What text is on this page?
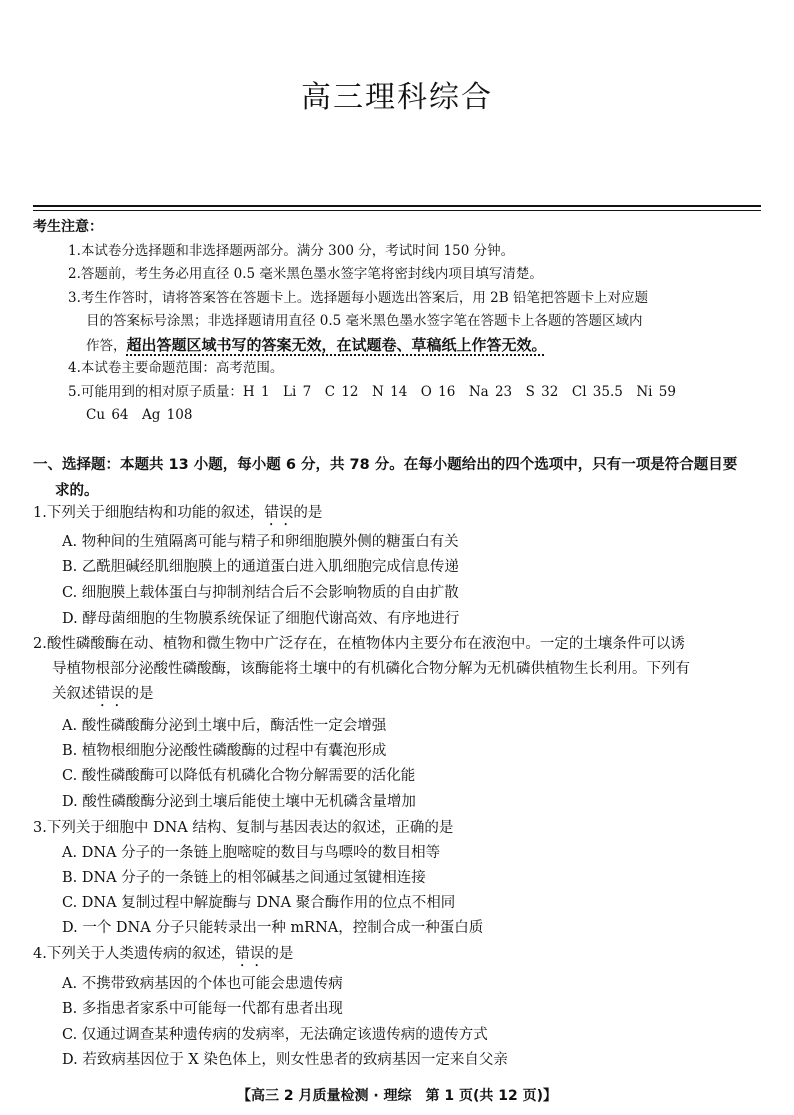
高三理科综合
考生注意：
1.本试卷分选择题和非选择题两部分。满分 300 分，考试时间 150 分钟。
2.答题前，考生务必用直径 0.5 毫米黑色墨水签字笔将密封线内项目填写清楚。
3.考生作答时，请将答案答在答题卡上。选择题每小题选出答案后，用 2B 铅笔把答题卡上对应题
目的答案标号涂黑；非选择题请用直径 0.5 毫米黑色墨水签字笔在答题卡上各题的答题区域内
作答，超出答题区域书写的答案无效，在试题卷、草稿纸上作答无效。
4.本试卷主要命题范围：高考范围。
5.可能用到的相对原子质量：H 1　Li 7　C 12　N 14　O 16　Na 23　S 32　Cl 35.5　Ni 59
Cu 64　Ag 108
一、选择题：本题共 13 小题，每小题 6 分，共 78 分。在每小题给出的四个选项中，只有一项是符合题目要
求的。
1.下列关于细胞结构和功能的叙述，错误的是
A. 物种间的生殖隔离可能与精子和卵细胞膜外侧的糖蛋白有关
B. 乙酰胆碱经肌细胞膜上的通道蛋白进入肌细胞完成信息传递
C. 细胞膜上载体蛋白与抑制剂结合后不会影响物质的自由扩散
D. 酵母菌细胞的生物膜系统保证了细胞代谢高效、有序地进行
2.酸性磷酸酶在动、植物和微生物中广泛存在，在植物体内主要分布在液泡中。一定的土壤条件可以诱
导植物根部分泌酸性磷酸酶，该酶能将土壤中的有机磷化合物分解为无机磷供植物生长利用。下列有
关叙述错误的是
A. 酸性磷酸酶分泌到土壤中后，酶活性一定会增强
B. 植物根细胞分泌酸性磷酸酶的过程中有囊泡形成
C. 酸性磷酸酶可以降低有机磷化合物分解需要的活化能
D. 酸性磷酸酶分泌到土壤后能使土壤中无机磷含量增加
3.下列关于细胞中 DNA 结构、复制与基因表达的叙述，正确的是
A. DNA 分子的一条链上胞嘧啶的数目与鸟嘌呤的数目相等
B. DNA 分子的一条链上的相邻碱基之间通过氢键相连接
C. DNA 复制过程中解旋酶与 DNA 聚合酶作用的位点不相同
D. 一个 DNA 分子只能转录出一种 mRNA，控制合成一种蛋白质
4.下列关于人类遗传病的叙述，错误的是
A. 不携带致病基因的个体也可能会患遗传病
B. 多指患者家系中可能每一代都有患者出现
C. 仅通过调查某种遗传病的发病率，无法确定该遗传病的遗传方式
D. 若致病基因位于 X 染色体上，则女性患者的致病基因一定来自父亲
【高三 2 月质量检测 · 理综　第 1 页(共 12 页)】
